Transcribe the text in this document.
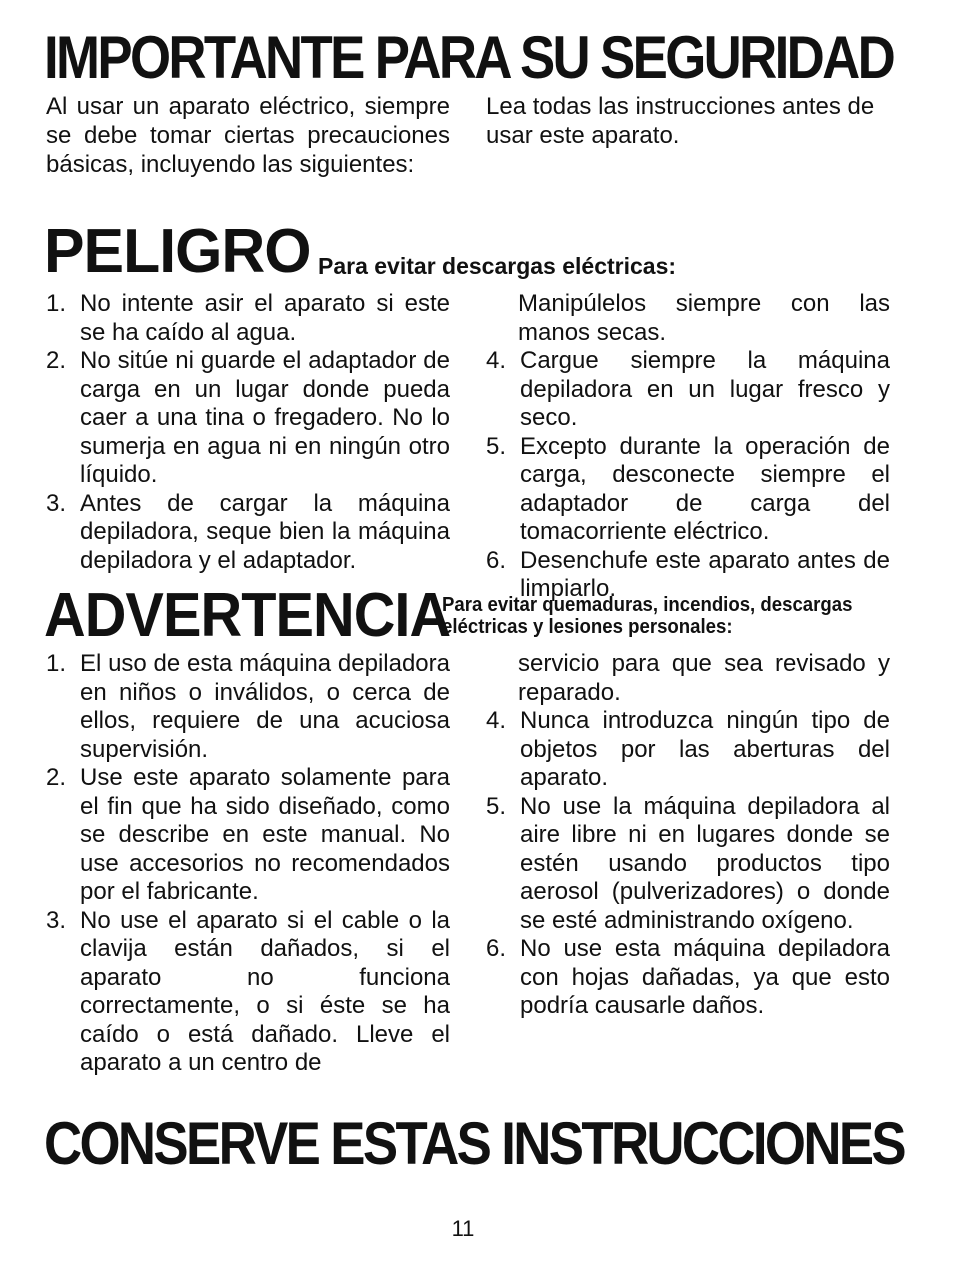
IMPORTANTE PARA SU SEGURIDAD
Al usar un aparato eléctrico, siempre se debe tomar ciertas precauciones básicas, incluyendo las siguientes:
Lea todas las instrucciones antes de usar este aparato.
PELIGRO Para evitar descargas eléctricas:
1. No intente asir el aparato si este se ha caído al agua.
2. No sitúe ni guarde el adaptador de carga en un lugar donde pueda caer a una tina o fregadero. No lo sumerja en agua ni en ningún otro líquido.
3. Antes de cargar la máquina depiladora, seque bien la máquina depiladora y el adaptador.
Manipúlelos siempre con las manos secas.
4. Cargue siempre la máquina depiladora en un lugar fresco y seco.
5. Excepto durante la operación de carga, desconecte siempre el adaptador de carga del tomacorriente eléctrico.
6. Desenchufe este aparato antes de limpiarlo.
ADVERTENCIA
Para evitar quemaduras, incendios, descargas eléctricas y lesiones personales:
1. El uso de esta máquina depiladora en niños o inválidos, o cerca de ellos, requiere de una acuciosa supervisión.
2. Use este aparato solamente para el fin que ha sido diseñado, como se describe en este manual. No use accesorios no recomendados por el fabricante.
3. No use el aparato si el cable o la clavija están dañados, si el aparato no funciona correctamente, o si éste se ha caído o está dañado. Lleve el aparato a un centro de
servicio para que sea revisado y reparado.
4. Nunca introduzca ningún tipo de objetos por las aberturas del aparato.
5. No use la máquina depiladora al aire libre ni en lugares donde se estén usando productos tipo aerosol (pulverizadores) o donde se esté administrando oxígeno.
6. No use esta máquina depiladora con hojas dañadas, ya que esto podría causarle daños.
CONSERVE ESTAS INSTRUCCIONES
11
